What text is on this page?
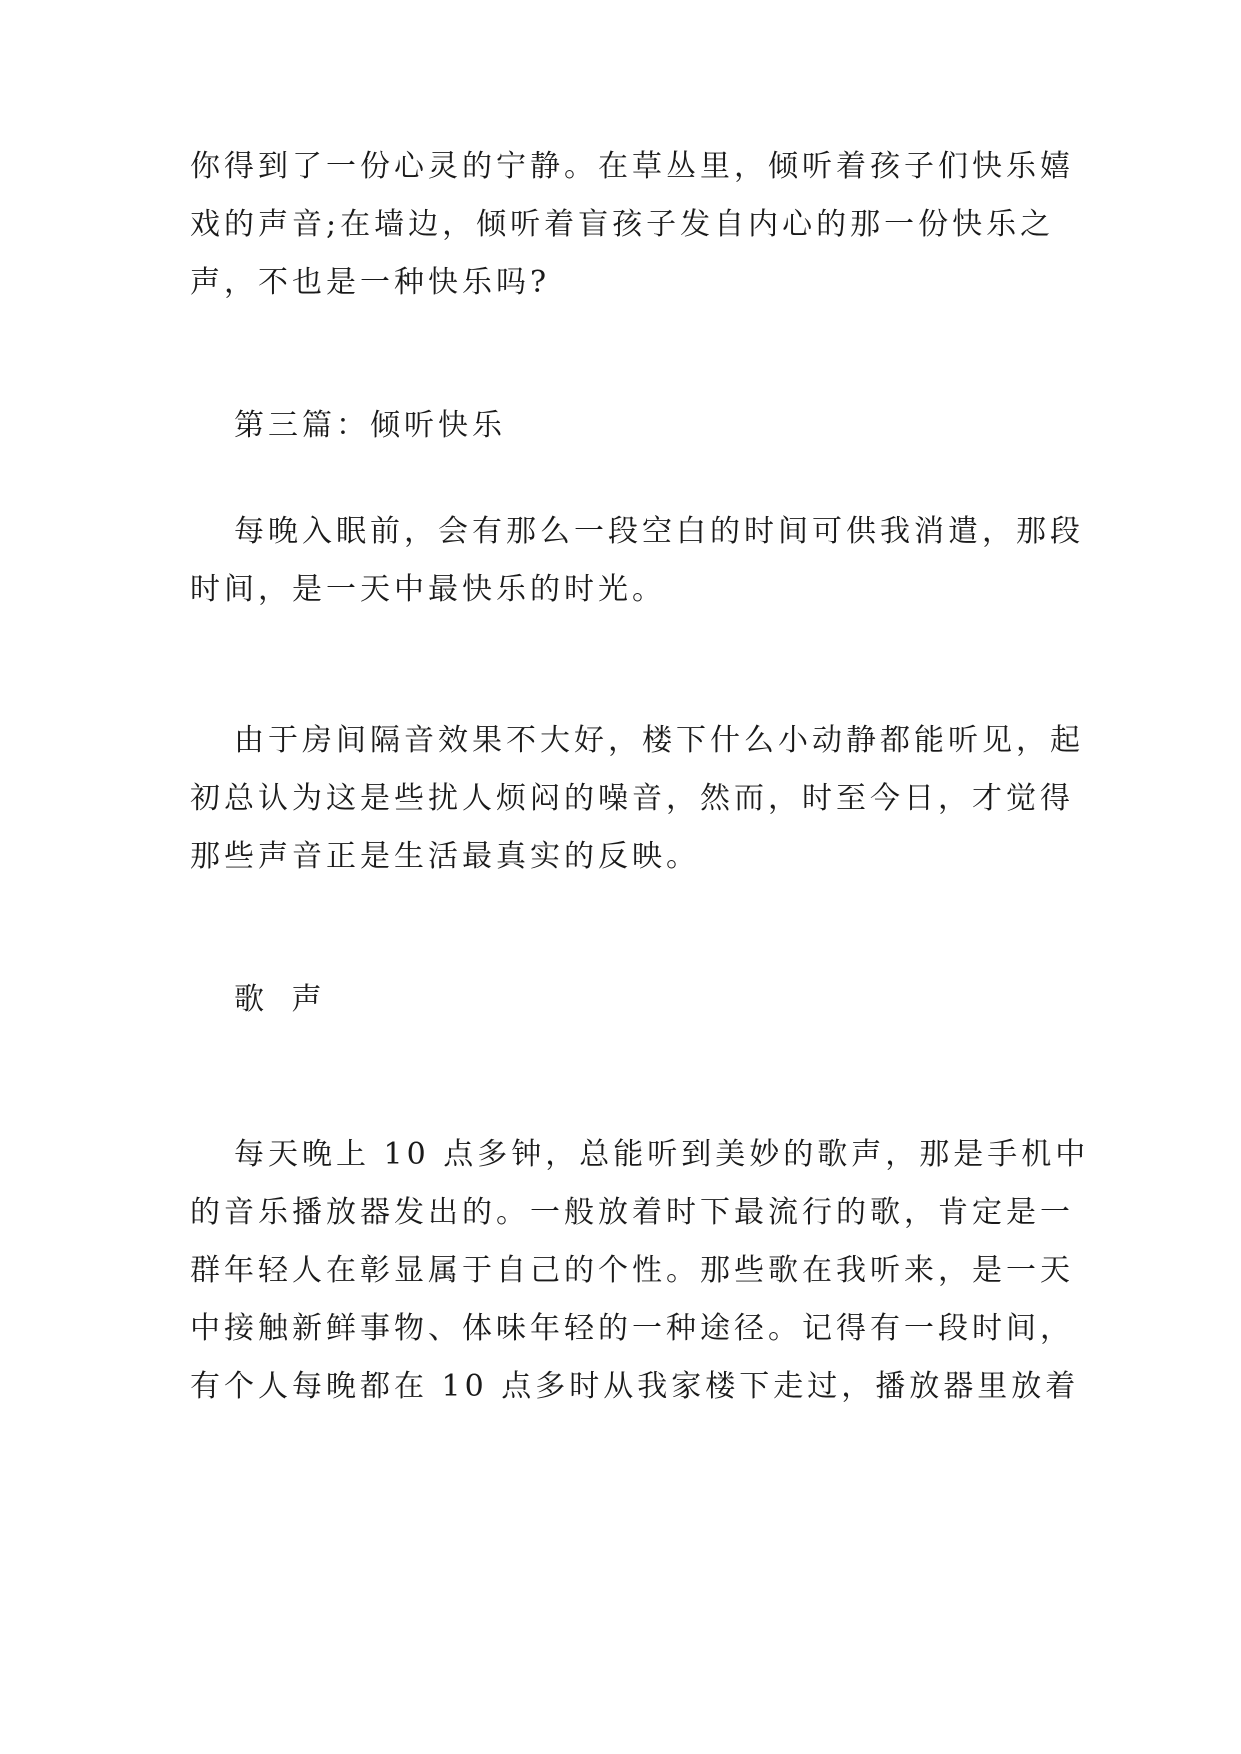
你得到了一份心灵的宁静。在草丛里，倾听着孩子们快乐嬉
戏的声音;在墙边，倾听着盲孩子发自内心的那一份快乐之
声，不也是一种快乐吗?
第三篇：倾听快乐
每晚入眠前，会有那么一段空白的时间可供我消遣，那段
时间，是一天中最快乐的时光。
由于房间隔音效果不大好，楼下什么小动静都能听见，起
初总认为这是些扰人烦闷的噪音，然而，时至今日，才觉得
那些声音正是生活最真实的反映。
歌 声
每天晚上 10 点多钟，总能听到美妙的歌声，那是手机中
的音乐播放器发出的。一般放着时下最流行的歌，肯定是一
群年轻人在彰显属于自己的个性。那些歌在我听来，是一天
中接触新鲜事物、体味年轻的一种途径。记得有一段时间，
有个人每晚都在 10 点多时从我家楼下走过，播放器里放着
